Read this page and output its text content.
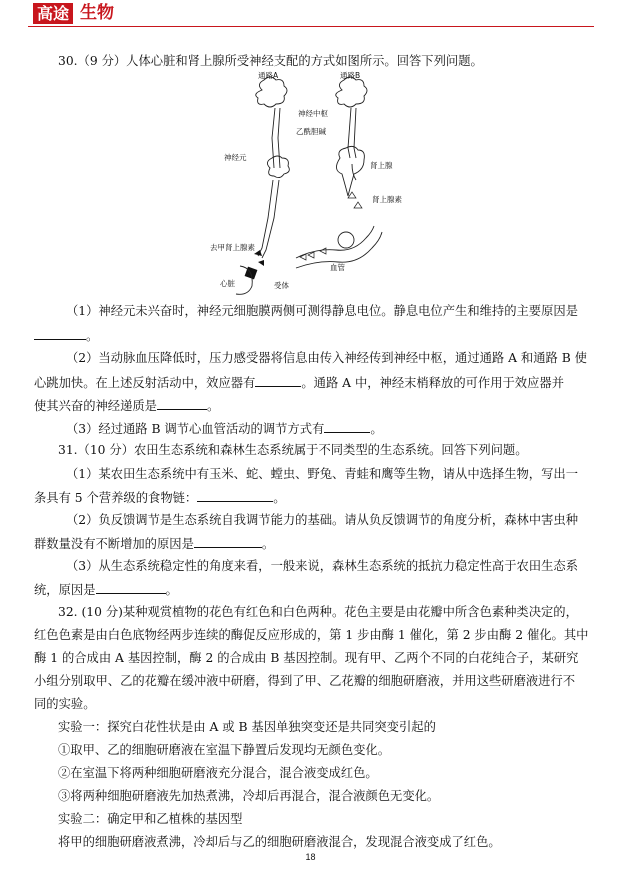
高途 生物
30.（9 分）人体心脏和肾上腺所受神经支配的方式如图所示。回答下列问题。
通路A	通路B
神经中枢
乙酰胆碱
神经元
肾上腺
肾上腺素
去甲肾上腺素
血管
心脏	受体
（1）神经元未兴奋时，神经元细胞膜两侧可测得静息电位。静息电位产生和维持的主要原因是
。
（2）当动脉血压降低时，压力感受器将信息由传入神经传到神经中枢，通过通路 A 和通路 B 使
心跳加快。在上述反射活动中，效应器有	。通路 A 中，神经末梢释放的可作用于效应器并
使其兴奋的神经递质是	。
（3）经过通路 B 调节心血管活动的调节方式有	。
31.（10 分）农田生态系统和森林生态系统属于不同类型的生态系统。回答下列问题。
（1）某农田生态系统中有玉米、蛇、螳虫、野兔、青蛙和鹰等生物，请从中选择生物，写出一
条具有 5 个营养级的食物链：	。
（2）负反馈调节是生态系统自我调节能力的基础。请从负反馈调节的角度分析，森林中害虫种
群数量没有不断增加的原因是	。
（3）从生态系统稳定性的角度来看，一般来说，森林生态系统的抵抗力稳定性高于农田生态系
统，原因是	。
32. (10 分)某种观赏植物的花色有红色和白色两种。花色主要是由花瓣中所含色素种类决定的，
红色色素是由白色底物经两步连续的酶促反应形成的，第 1 步由酶 1 催化，第 2 步由酶 2 催化。其中
酶 1 的合成由 A 基因控制，酶 2 的合成由 B 基因控制。现有甲、乙两个不同的白花纯合子，某研究
小组分别取甲、乙的花瓣在缓冲液中研磨，得到了甲、乙花瓣的细胞研磨液，并用这些研磨液进行不
同的实验。
实验一：探究白花性状是由 A 或 B 基因单独突变还是共同突变引起的
①取甲、乙的细胞研磨液在室温下静置后发现均无颜色变化。
②在室温下将两种细胞研磨液充分混合，混合液变成红色。
③将两种细胞研磨液先加热煮沸，冷却后再混合，混合液颜色无变化。
实验二：确定甲和乙植株的基因型
将甲的细胞研磨液煮沸，冷却后与乙的细胞研磨液混合，发现混合液变成了红色。
18
